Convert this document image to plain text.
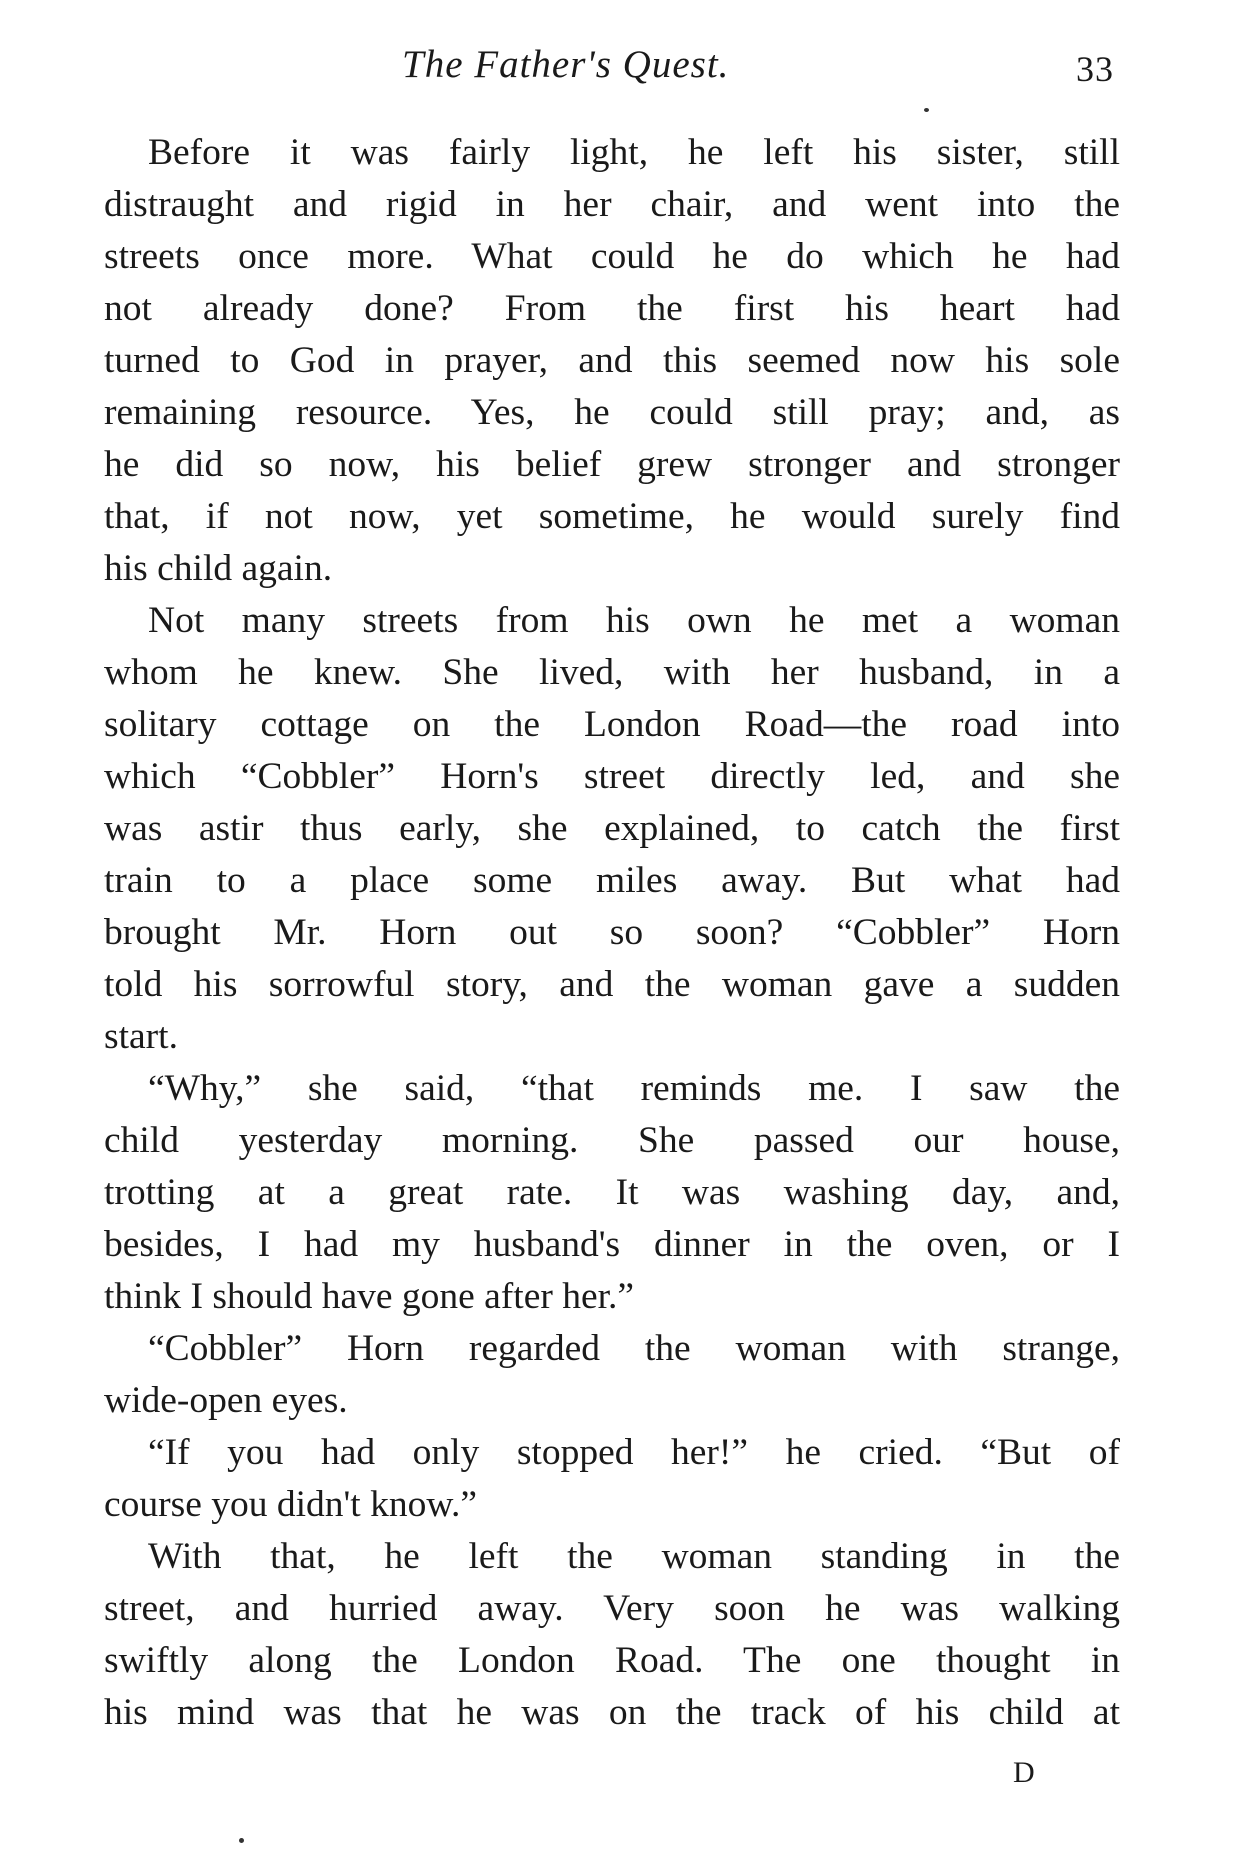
The Father's Quest.	33
Before it was fairly light, he left his sister, still
distraught and rigid in her chair, and went into the
streets once more. What could he do which he had
not already done? From the first his heart had
turned to God in prayer, and this seemed now his sole
remaining resource. Yes, he could still pray; and, as
he did so now, his belief grew stronger and stronger
that, if not now, yet sometime, he would surely find
his child again.
Not many streets from his own he met a woman
whom he knew. She lived, with her husband, in a
solitary cottage on the London Road—the road into
which “Cobbler” Horn's street directly led, and she
was astir thus early, she explained, to catch the first
train to a place some miles away. But what had
brought Mr. Horn out so soon? “Cobbler” Horn
told his sorrowful story, and the woman gave a sudden
start.
“Why,” she said, “that reminds me. I saw the
child yesterday morning. She passed our house,
trotting at a great rate. It was washing day, and,
besides, I had my husband's dinner in the oven, or I
think I should have gone after her.”
“Cobbler” Horn regarded the woman with strange,
wide-open eyes.
“If you had only stopped her!” he cried. “But of
course you didn't know.”
With that, he left the woman standing in the
street, and hurried away. Very soon he was walking
swiftly along the London Road. The one thought in
his mind was that he was on the track of his child at
D
